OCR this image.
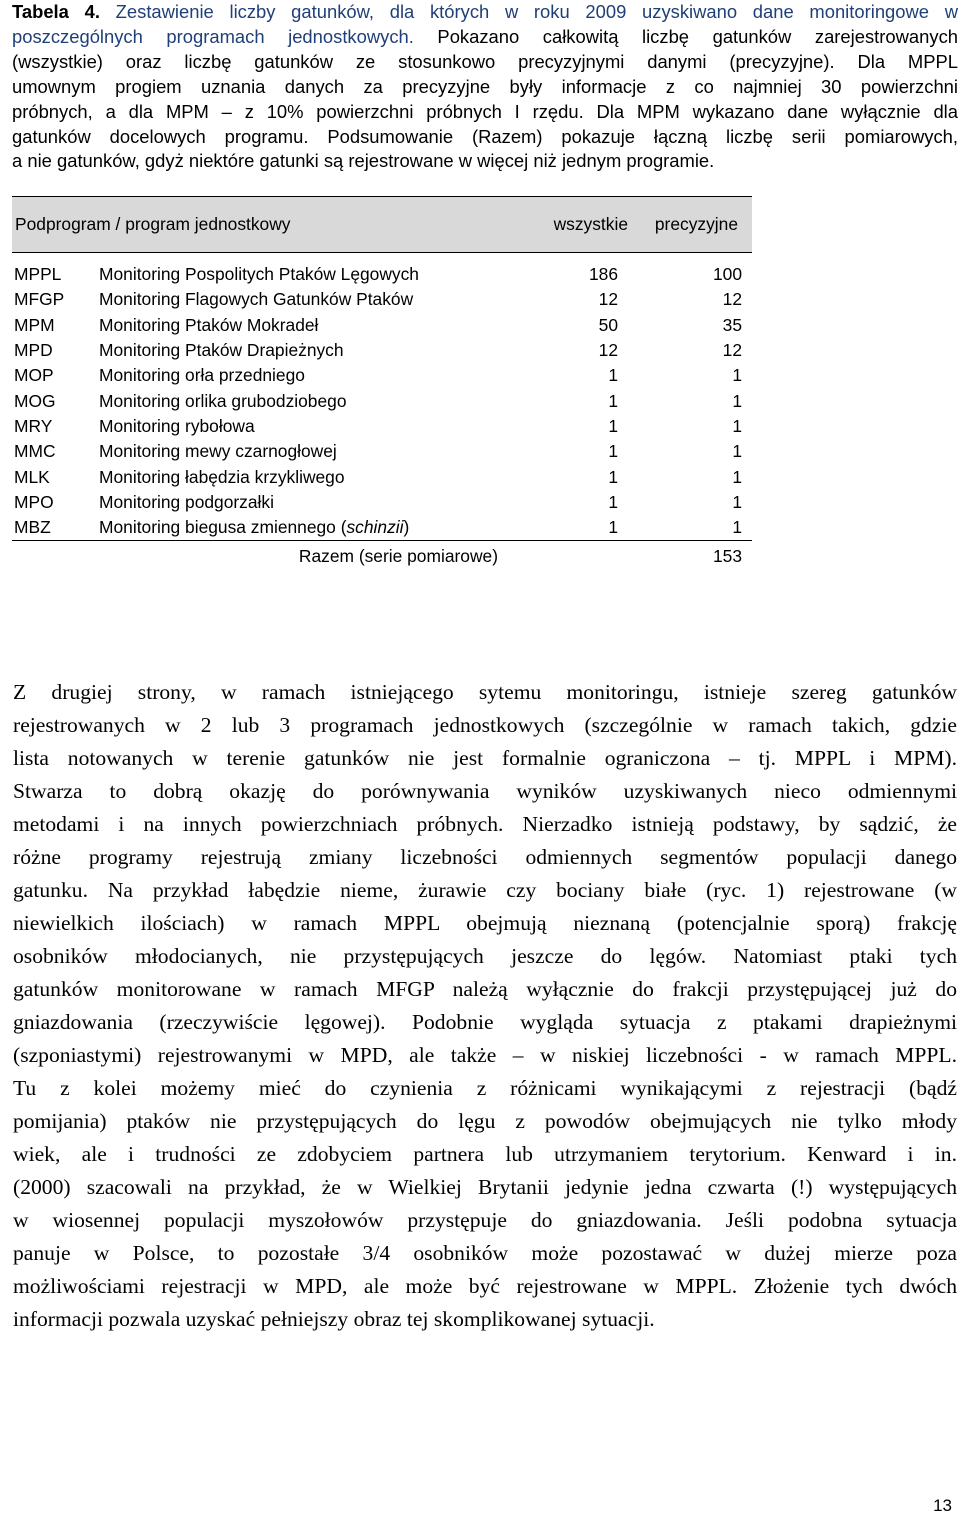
Tabela 4. Zestawienie liczby gatunków, dla których w roku 2009 uzyskiwano dane monitoringowe w
poszczególnych programach jednostkowych. Pokazano całkowitą liczbę gatunków zarejestrowanych
(wszystkie) oraz liczbę gatunków ze stosunkowo precyzyjnymi danymi (precyzyjne). Dla MPPL
umownym progiem uznania danych za precyzyjne były informacje z co najmniej 30 powierzchni
próbnych, a dla MPM – z 10% powierzchni próbnych I rzędu. Dla MPM wykazano dane wyłącznie dla
gatunków docelowych programu. Podsumowanie (Razem) pokazuje łączną liczbę serii pomiarowych,
a nie gatunków, gdyż niektóre gatunki są rejestrowane w więcej niż jednym programie.
Podprogram / program jednostkowy		wszystkie	precyzyjne
MPPL	Monitoring Pospolitych Ptaków Lęgowych	186	100
MFGP	Monitoring Flagowych Gatunków Ptaków	12	12
MPM	Monitoring Ptaków Mokradeł	50	35
MPD	Monitoring Ptaków Drapieżnych	12	12
MOP	Monitoring orła przedniego	1	1
MOG	Monitoring orlika grubodziobego	1	1
MRY	Monitoring rybołowa	1	1
MMC	Monitoring mewy czarnogłowej	1	1
MLK	Monitoring łabędzia krzykliwego	1	1
MPO	Monitoring podgorzałki	1	1
MBZ	Monitoring biegusa zmiennego (schinzii)	1	1
Razem (serie pomiarowe)		153	
Z drugiej strony, w ramach istniejącego sytemu monitoringu, istnieje szereg gatunków
rejestrowanych w 2 lub 3 programach jednostkowych (szczególnie w ramach takich, gdzie
lista notowanych w terenie gatunków nie jest formalnie ograniczona – tj. MPPL i MPM).
Stwarza to dobrą okazję do porównywania wyników uzyskiwanych nieco odmiennymi
metodami i na innych powierzchniach próbnych. Nierzadko istnieją podstawy, by sądzić, że
różne programy rejestrują zmiany liczebności odmiennych segmentów populacji danego
gatunku. Na przykład łabędzie nieme, żurawie czy bociany białe (ryc. 1) rejestrowane (w
niewielkich ilościach) w ramach MPPL obejmują nieznaną (potencjalnie sporą) frakcję
osobników młodocianych, nie przystępujących jeszcze do lęgów. Natomiast ptaki tych
gatunków monitorowane w ramach MFGP należą wyłącznie do frakcji przystępującej już do
gniazdowania (rzeczywiście lęgowej). Podobnie wygląda sytuacja z ptakami drapieżnymi
(szponiastymi) rejestrowanymi w MPD, ale także – w niskiej liczebności - w ramach MPPL.
Tu z kolei możemy mieć do czynienia z różnicami wynikającymi z rejestracji (bądź
pomijania) ptaków nie przystępujących do lęgu z powodów obejmujących nie tylko młody
wiek, ale i trudności ze zdobyciem partnera lub utrzymaniem terytorium. Kenward i in.
(2000) szacowali na przykład, że w Wielkiej Brytanii jedynie jedna czwarta (!) występujących
w wiosennej populacji myszołowów przystępuje do gniazdowania. Jeśli podobna sytuacja
panuje w Polsce, to pozostałe 3/4 osobników może pozostawać w dużej mierze poza
możliwościami rejestracji w MPD, ale może być rejestrowane w MPPL. Złożenie tych dwóch
informacji pozwala uzyskać pełniejszy obraz tej skomplikowanej sytuacji.
13
